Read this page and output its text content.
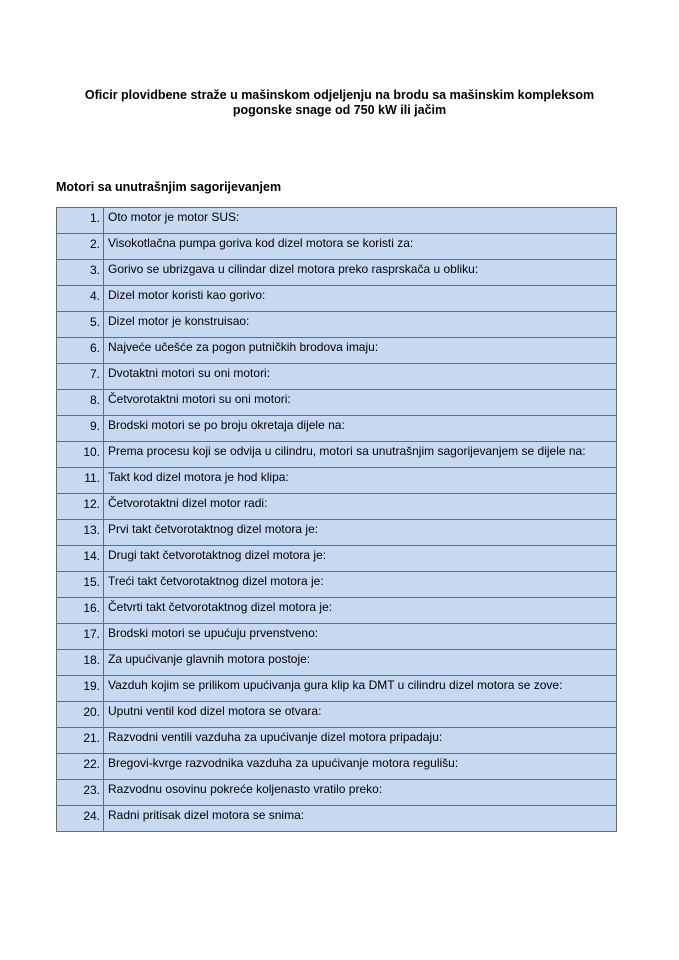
Oficir plovidbene straže u mašinskom odjeljenju na brodu sa mašinskim kompleksom
pogonske snage od 750 kW ili jačim
Motori sa unutrašnjim sagorijevanjem
1.	Oto motor je motor SUS:
2.	Visokotlačna pumpa goriva kod dizel motora se koristi za:
3.	Gorivo se ubrizgava u cilindar dizel motora preko rasprskača u obliku:
4.	Dizel motor koristi kao gorivo:
5.	Dizel motor je konstruisao:
6.	Najveće učešće za pogon putničkih brodova imaju:
7.	Dvotaktni motori su oni motori:
8.	Četvorotaktni motori su oni motori:
9.	Brodski motori se po broju okretaja dijele na:
10.	Prema procesu koji se odvija u cilindru, motori sa unutrašnjim sagorijevanjem se dijele na:
11.	Takt kod dizel motora je hod klipa:
12.	Četvorotaktni dizel motor radi:
13.	Prvi takt četvorotaktnog dizel motora je:
14.	Drugi takt četvorotaktnog dizel motora je:
15.	Treći takt četvorotaktnog dizel motora je:
16.	Četvrti takt četvorotaktnog dizel motora je:
17.	Brodski motori se upućuju prvenstveno:
18.	Za upućivanje glavnih motora postoje:
19.	Vazduh kojim se prilikom upućivanja gura klip ka DMT u cilindru dizel motora se zove:
20.	Uputni ventil kod dizel motora se otvara:
21.	Razvodni ventili vazduha za upućivanje dizel motora pripadaju:
22.	Bregovi-kvrge razvodnika vazduha za upućivanje motora regulišu:
23.	Razvodnu osovinu pokreće koljenasto vratilo preko:
24.	Radni pritisak dizel motora se snima:
